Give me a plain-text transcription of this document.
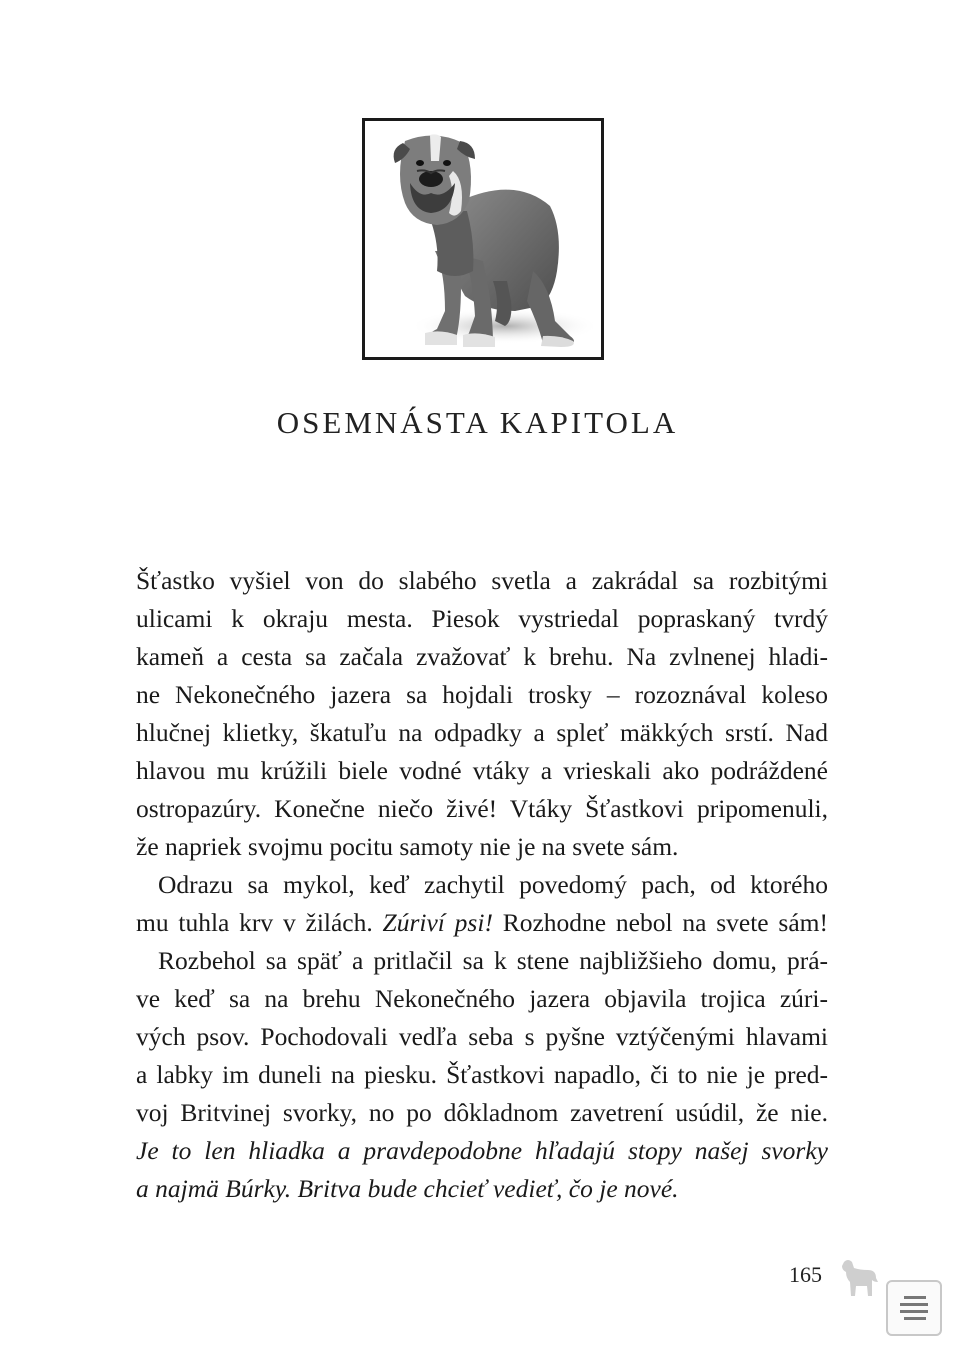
OSEMNÁSTA KAPITOLA
Šťastko vyšiel von do slabého svetla a zakrádal sa rozbitými
ulicami k okraju mesta. Piesok vystriedal popraskaný tvrdý
kameň a cesta sa začala zvažovať k brehu. Na zvlnenej hladi-
ne Nekonečného jazera sa hojdali trosky – rozoznával koleso
hlučnej klietky, škatuľu na odpadky a spleť mäkkých srstí. Nad
hlavou mu krúžili biele vodné vtáky a vrieskali ako podráždené
ostropazúry. Konečne niečo živé! Vtáky Šťastkovi pripomenuli,
že napriek svojmu pocitu samoty nie je na svete sám.
Odrazu sa mykol, keď zachytil povedomý pach, od ktorého
mu tuhla krv v žilách. Zúriví psi! Rozhodne nebol na svete sám!
Rozbehol sa späť a pritlačil sa k stene najbližšieho domu, prá-
ve keď sa na brehu Nekonečného jazera objavila trojica zúri-
vých psov. Pochodovali vedľa seba s pyšne vztýčenými hlavami
a labky im duneli na piesku. Šťastkovi napadlo, či to nie je pred-
voj Britvinej svorky, no po dôkladnom zavetrení usúdil, že nie.
Je to len hliadka a pravdepodobne hľadajú stopy našej svorky
a najmä Búrky. Britva bude chcieť vedieť, čo je nové.
165
